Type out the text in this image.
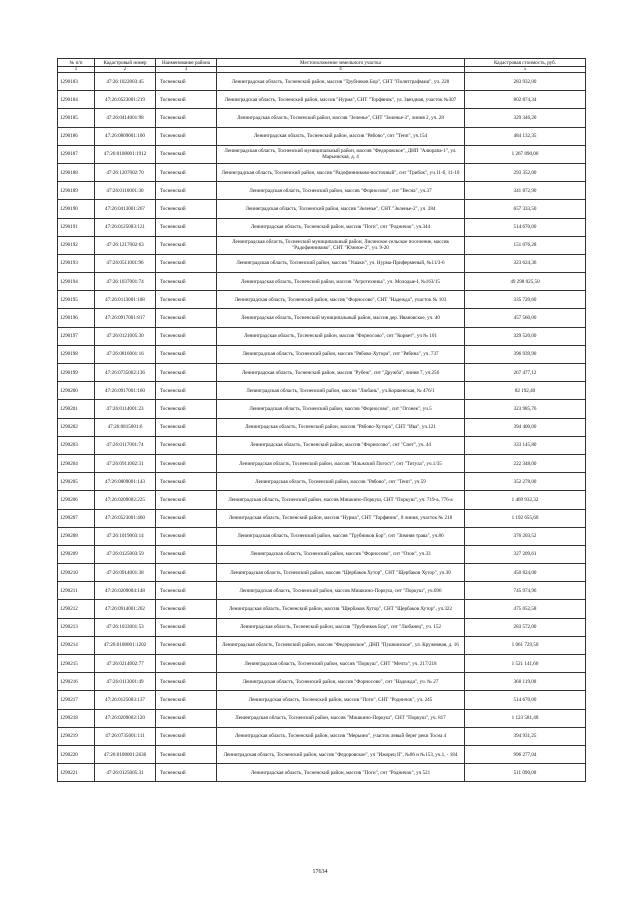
№ п/п	Кадастровый номер	Наименование района	Местоположение земельного участка	Кадастровая стоимость, руб.
1	2	3	4	5
1290183	47:26:1022003:45	Тосненский	Ленинградская область, Тосненский район, массив "Трубников Бор", СНТ "Политграфмаш", уч. 228	283 932,00
1290184	47:26:0523001:219	Тосненский	Ленинградская область, Тосненский район, массив "Нурма", СНТ "Торфяник", ул. Звездная, участок №307	802 874,34
1290185	47:26:0414001:98	Тосненский	Ленинградская область, Тосненский район, массив "Зеленье", СНТ "Зеленье-3", линия 2, уч. 28	329 346,20
1290186	47:26:0809001:100	Тосненский	Ленинградская область, Тосненский район, массив "Рябово", снт "Тенп", уч.154	484 132,35
1290187	47:26:0108001:1912	Тосненский	Ленинградская область, Тосненский муниципальный район, массив "Федоровское", ДНП "Алюрапа-1", ул. Марьинская, д. 4	1 267 890,00
1290188	47:26:1207002:70	Тосненский	Ленинградская область, Тосненский район, массив "Радофинниково-восточный", снт "Грибок", уч.11-б, 11-10	293 352,00
1290189	47:26:0110001:30	Тосненский	Ленинградская область, Тосненский район, массив "Форносово", снт "Весна", уч.37	341 872,90
1290190	47:26:0413001:267	Тосненский	Ленинградская область, Тосненский район, массив "Зеленье", СНТ "Зеленье-2", уч. 284	657 333,50
1290191	47:26:0125003:121	Тосненский	Ленинградская область, Тосненский район, массив "Поги", снт "Родничок", уч.344	514 670,00
1290192	47:26:1217002:63	Тосненский	Ленинградская область, Тосненский муниципальный район, Лисинское сельское поселение, массив "Радофинниково", СНТ "Южное-2", уч. 9-20	151 076,28
1290193	47:26:0511001:96	Тосненский	Ленинградская область, Тосненский район, массив "Ушаки", уч. Нурма-Приферменый, №11/3-6	323 624,36
1290194	47:26:1037001:74	Тосненский	Ленинградская область, Тосненский район, массив "Агротехника", уч. Молодые-I, №163/15	49 298 025,50
1290195	47:26:0113001:108	Тосненский	Ленинградская область, Тосненский район, массив "Форносово", СНТ "Надежда", участок № 103	335 720,60
1290196	47:26:0917001:817	Тосненский	Ленинградская область, Тосненский муниципальный район, массив дер. Ивановское, уч. 40	457 560,00
1290197	47:26:0121005:30	Тосненский	Ленинградская область, Тосненский район, массив "Форносово", снт "Корвет", уч № 101	329 520,00
1290198	47:26:0816001:16	Тосненский	Ленинградская область, Тосненский район, массив "Рябово-Хутора", снт "Рябина", уч. 737	396 939,90
1290199	47:26:0735002:136	Тосненский	Ленинградская область, Тосненский район, массив "Рубеж", снт "Дружба", линия 7, уч.256	267 477,12
1290200	47:26:0917001:160	Тосненский	Ленинградская область, Тосненский район, массив "Любань", уч.Коршевская, № 476/1	82 192,40
1290201	47:26:0114001:23	Тосненский	Ленинградская область, Тосненский район, массив "Форносово", снт "Огонек", уч.5	323 985,76
1290202	47:26:0815001:6	Тосненский	Ленинградская область, Тосненский район, массив "Рябово-Хутора", СНТ "Ива", уч.121	394 400,00
1290203	47:26:0117001:74	Тосненский	Ленинградская область, Тосненский район, массив "Форносово", снт "Спет", уч. 44	333 145,80
1290204	47:26:0911002:31	Тосненский	Ленинградская область, Тосненский район, массив "Ильжский Погост", снт "Титула", уч.1/35	222 348,00
1290205	47:26:0809001:143	Тосненский	Ленинградская область, Тосненский район, массив "Рябово", снт "Тенп", уч.59	352 278,00
1290206	47:26:0209002:225	Тосненский	Ленинградская область, Тосненский район, массив Мишкино-Поркуш, СНТ "Поркуш", уч. 719-а, 776-а	1 469 932,32
1290207	47:26:0523001:460	Тосненский	Ленинградская область, Тосненский район, массив "Нурма", СНТ "Торфяник", 8 линия, участок № 218	1 192 655,60
1290208	47:26:1019003:14	Тосненский	Ленинградская область, Тосненский район, массив "Трубников Бор", снт "Зимняя трава", уч.86	376 203,52
1290209	47:26:0125003:59	Тосненский	Ленинградская область, Тосненский район, массив "Форносово", снт "Озон", уч.33	327 209,61
1290210	47:26:0914001:38	Тосненский	Ленинградская область, Тосненский район, массив "Щербаков Хутор", СНТ "Щербаков Хутор", уч.30	450 824,00
1290211	47:26:0209004:148	Тосненский	Ленинградская область, Тосненский район, массив Мишкино-Поркуш, снт "Поркуш", уч.696	745 974,96
1290212	47:26:0914001:202	Тосненский	Ленинградская область, Тосненский район, массив "Щербаков Хутор", СНТ "Щербаков Хутор", уч.322	475 052,58
1290213	47:26:1033001:53	Тосненский	Ленинградская область, Тосненский район, массив "Трубников Бор", снт "Любанец", уч. 152	283 572,00
1290214	47:26:0108001:1202	Тосненский	Ленинградская область, Тосненский район, массив "Федоровское", ДНП "Пушкинское", ул. Кружевная, д. 16	1 061 729,50
1290215	47:26:0214002:77	Тосненский	Ленинградская область, Тосненский район, массив "Поркуш", СНТ "Мечта", уч. 217/218	1 521 141,60
1290216	47:26:0113001:49	Тосненский	Ленинградская область, Тосненский район, массив "Форносово", снт "Надежда", уч. № 27	360 119,00
1290217	47:26:0125003:137	Тосненский	Ленинградская область, Тосненский район, массив "Поги", СНТ "Родничок", уч. 245	514 670,00
1290218	47:26:0209002:120	Тосненский	Ленинградская область, Тосненский район, массив "Мишкино-Поркуш", СНТ "Поркуш", уч. 817	1 123 581,48
1290219	47:26:0735001:111	Тосненский	Ленинградская область, Тосненский район, массив "Мерьино", участок левый берег реки Тосна 4	394 931,25
1290220	47:26:0108001:2636	Тосненский	Ленинградская область, Тосненский район, массив "Федоровское", уч "Ижорец II", №86 и №153, уч.1, - 184	996 277,04
1290221	47:26:0125005:31	Тосненский	Ленинградская область, Тосненский район, массив "Поги", снт "Родничок", уч 521	511 090,00
17634
